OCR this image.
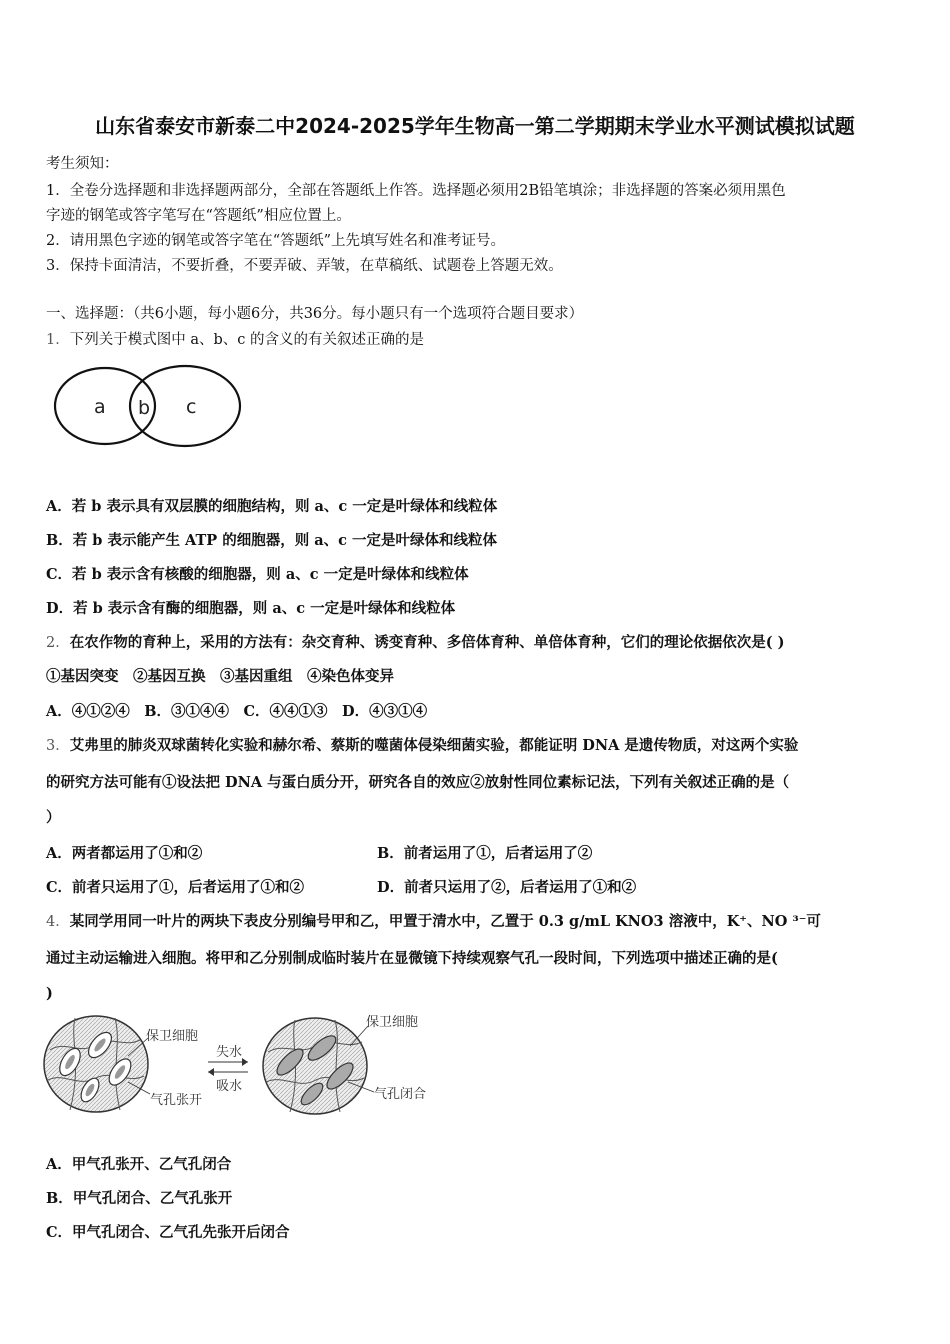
山东省泰安市新泰二中2024-2025学年生物高一第二学期期末学业水平测试模拟试题
考生须知：
1．全卷分选择题和非选择题两部分，全部在答题纸上作答。选择题必须用2B铅笔填涂；非选择题的答案必须用黑色
字迹的钢笔或答字笔写在“答题纸”相应位置上。
2．请用黑色字迹的钢笔或答字笔在“答题纸”上先填写姓名和准考证号。
3．保持卡面清洁，不要折叠，不要弄破、弄皱，在草稿纸、试题卷上答题无效。
一、选择题：（共6小题，每小题6分，共36分。每小题只有一个选项符合题目要求）
1．下列关于模式图中 a、b、c 的含义的有关叙述正确的是
a b c
A．若 b 表示具有双层膜的细胞结构，则 a、c 一定是叶绿体和线粒体
B．若 b 表示能产生 ATP 的细胞器，则 a、c 一定是叶绿体和线粒体
C．若 b 表示含有核酸的细胞器，则 a、c 一定是叶绿体和线粒体
D．若 b 表示含有酶的细胞器，则 a、c 一定是叶绿体和线粒体
2．在农作物的育种上，采用的方法有：杂交育种、诱变育种、多倍体育种、单倍体育种，它们的理论依据依次是( )
①基因突变　②基因互换　③基因重组　④染色体变异
A．④①②④　B．③①④④　C．④④①③　D．④③①④
3．艾弗里的肺炎双球菌转化实验和赫尔希、蔡斯的噬菌体侵染细菌实验，都能证明 DNA 是遗传物质，对这两个实验
的研究方法可能有①设法把 DNA 与蛋白质分开，研究各自的效应②放射性同位素标记法，下列有关叙述正确的是（
）
A．两者都运用了①和②	B．前者运用了①，后者运用了②
C．前者只运用了①，后者运用了①和②	D．前者只运用了②，后者运用了①和②
4．某同学用同一叶片的两块下表皮分别编号甲和乙，甲置于清水中，乙置于 0.3 g/mL KNO3 溶液中，K⁺、NO ³⁻可
通过主动运输进入细胞。将甲和乙分别制成临时装片在显微镜下持续观察气孔一段时间，下列选项中描述正确的是(
)
保卫细胞
气孔张开
失水
吸水
保卫细胞
气孔闭合
A．甲气孔张开、乙气孔闭合
B．甲气孔闭合、乙气孔张开
C．甲气孔闭合、乙气孔先张开后闭合
